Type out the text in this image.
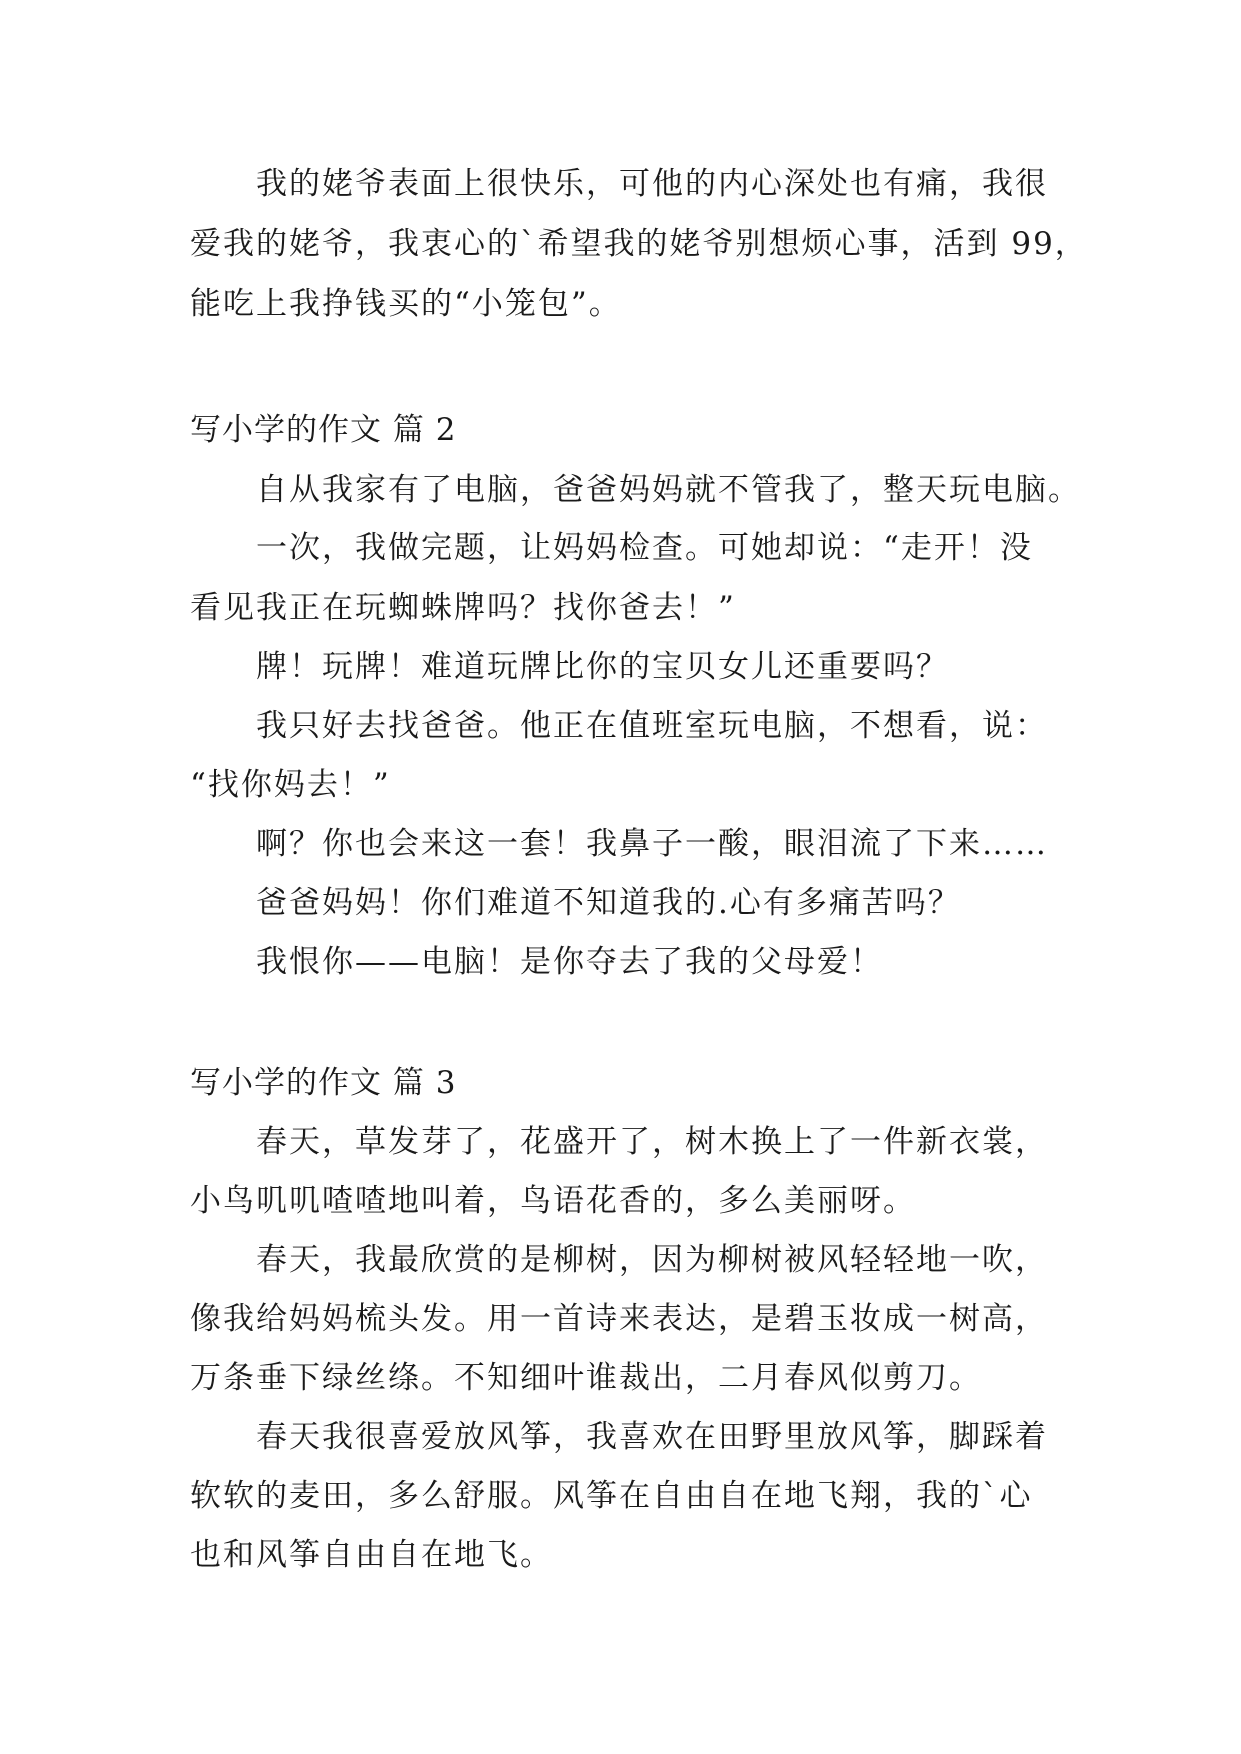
我的姥爷表面上很快乐，可他的内心深处也有痛，我很
爱我的姥爷，我衷心的`希望我的姥爷别想烦心事，活到 99，
能吃上我挣钱买的“小笼包”。
写小学的作文 篇 2
自从我家有了电脑，爸爸妈妈就不管我了，整天玩电脑。
一次，我做完题，让妈妈检查。可她却说：“走开！没
看见我正在玩蜘蛛牌吗？找你爸去！”
牌！玩牌！难道玩牌比你的宝贝女儿还重要吗？
我只好去找爸爸。他正在值班室玩电脑，不想看，说：
“找你妈去！”
啊？你也会来这一套！我鼻子一酸，眼泪流了下来……
爸爸妈妈！你们难道不知道我的.心有多痛苦吗？
我恨你——电脑！是你夺去了我的父母爱！
写小学的作文 篇 3
春天，草发芽了，花盛开了，树木换上了一件新衣裳，
小鸟叽叽喳喳地叫着，鸟语花香的，多么美丽呀。
春天，我最欣赏的是柳树，因为柳树被风轻轻地一吹，
像我给妈妈梳头发。用一首诗来表达，是碧玉妆成一树高，
万条垂下绿丝绦。不知细叶谁裁出，二月春风似剪刀。
春天我很喜爱放风筝，我喜欢在田野里放风筝，脚踩着
软软的麦田，多么舒服。风筝在自由自在地飞翔，我的`心
也和风筝自由自在地飞。
